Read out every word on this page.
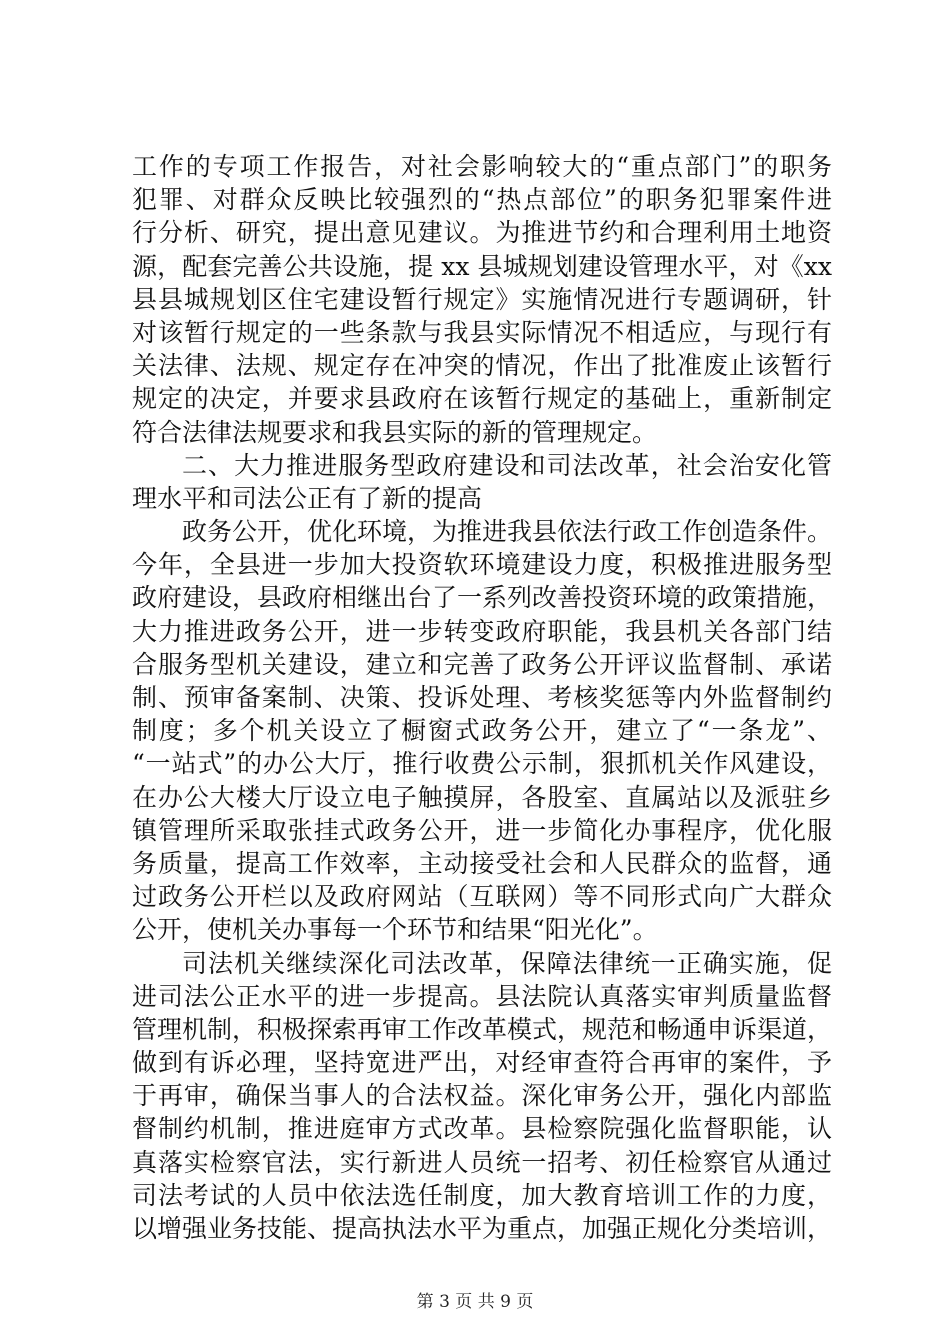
工作的专项工作报告，对社会影响较大的“重点部门”的职务
犯罪、对群众反映比较强烈的“热点部位”的职务犯罪案件进
行分析、研究，提出意见建议。为推进节约和合理利用土地资
源，配套完善公共设施，提 xx 县城规划建设管理水平，对《xx
县县城规划区住宅建设暂行规定》实施情况进行专题调研，针
对该暂行规定的一些条款与我县实际情况不相适应，与现行有
关法律、法规、规定存在冲突的情况，作出了批准废止该暂行
规定的决定，并要求县政府在该暂行规定的基础上，重新制定
符合法律法规要求和我县实际的新的管理规定。
二、大力推进服务型政府建设和司法改革，社会治安化管
理水平和司法公正有了新的提高
政务公开，优化环境，为推进我县依法行政工作创造条件。
今年，全县进一步加大投资软环境建设力度，积极推进服务型
政府建设，县政府相继出台了一系列改善投资环境的政策措施，
大力推进政务公开，进一步转变政府职能，我县机关各部门结
合服务型机关建设，建立和完善了政务公开评议监督制、承诺
制、预审备案制、决策、投诉处理、考核奖惩等内外监督制约
制度；多个机关设立了橱窗式政务公开，建立了“一条龙”、
“一站式”的办公大厅，推行收费公示制，狠抓机关作风建设，
在办公大楼大厅设立电子触摸屏，各股室、直属站以及派驻乡
镇管理所采取张挂式政务公开，进一步简化办事程序，优化服
务质量，提高工作效率，主动接受社会和人民群众的监督，通
过政务公开栏以及政府网站（互联网）等不同形式向广大群众
公开，使机关办事每一个环节和结果“阳光化”。
司法机关继续深化司法改革，保障法律统一正确实施，促
进司法公正水平的进一步提高。县法院认真落实审判质量监督
管理机制，积极探索再审工作改革模式，规范和畅通申诉渠道，
做到有诉必理，坚持宽进严出，对经审查符合再审的案件，予
于再审，确保当事人的合法权益。深化审务公开，强化内部监
督制约机制，推进庭审方式改革。县检察院强化监督职能，认
真落实检察官法，实行新进人员统一招考、初任检察官从通过
司法考试的人员中依法选任制度，加大教育培训工作的力度，
以增强业务技能、提高执法水平为重点，加强正规化分类培训，
第 3 页 共 9 页
